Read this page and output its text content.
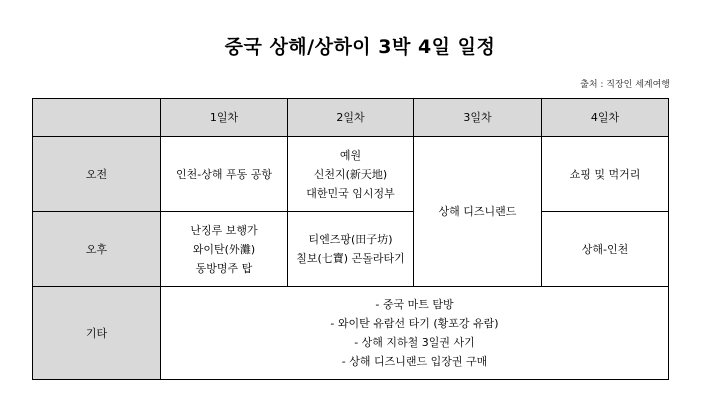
중국 상해/상하이 3박 4일 일정
출처 : 직장인 세계여행
	1일차	2일차	3일차	4일차
오전	인천-상해 푸동 공항	예원
신천지(新天地)
대한민국 임시정부	상해 디즈니랜드	쇼핑 및 먹거리

오후	난징루 보행가
와이탄(外灘)
동방명주 탑	티엔즈팡(田子坊)
칠보(七寶) 곤돌라타기		상해-인천

기타	- 중국 마트 탐방
- 와이탄 유람선 타기 (황포강 유람)
- 상해 지하철 3일권 사기
- 상해 디즈니랜드 입장권 구매			
